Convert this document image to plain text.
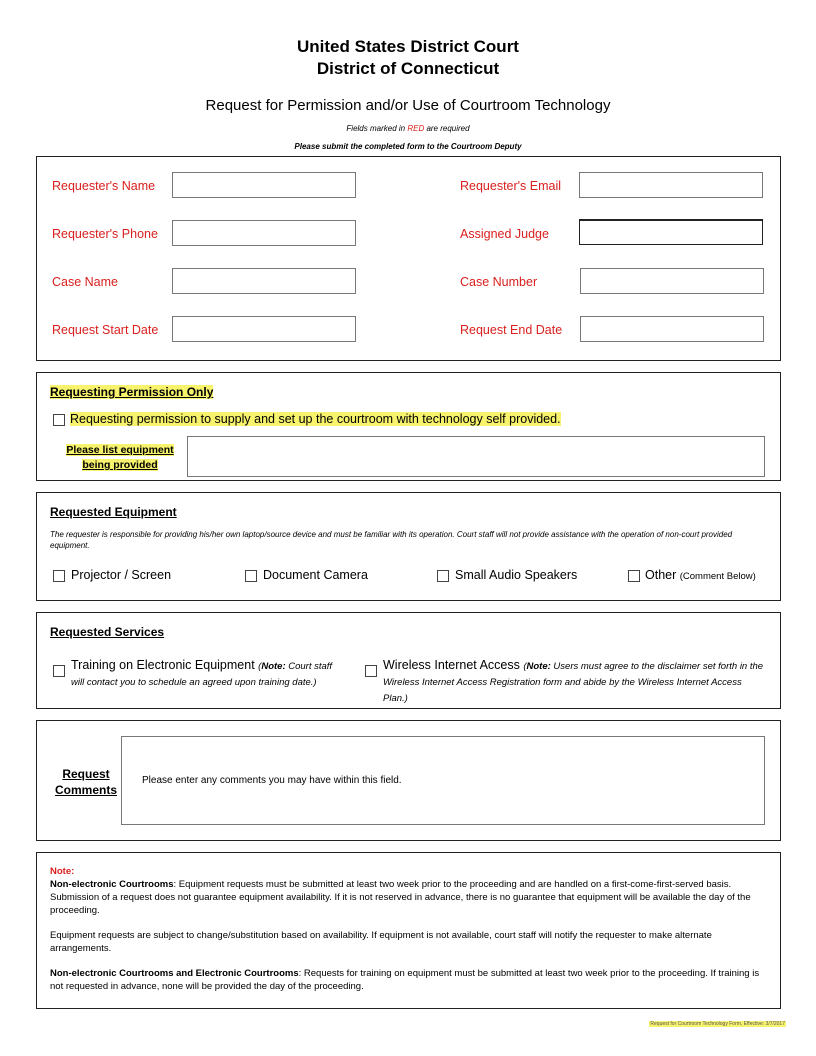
United States District Court
District of Connecticut
Request for Permission and/or Use of Courtroom Technology
Fields marked in RED are required
Please submit the completed form to the Courtroom Deputy
Requester's Name	Requester's Email
Requester's Phone	Assigned Judge
Case Name	Case Number
Request Start Date	Request End Date
Requesting Permission Only
Requesting permission to supply and set up the courtroom with technology self provided.
Please list equipment
being provided
Requested Equipment
The requester is responsible for providing his/her own laptop/source device and must be familiar with its operation. Court staff will not provide assistance with the operation of non-court provided equipment.
Projector / Screen	Document Camera	Small Audio Speakers	Other (Comment Below)
Requested Services
Training on Electronic Equipment (Note: Court staff will contact you to schedule an agreed upon training date.)
Wireless Internet Access (Note: Users must agree to the disclaimer set forth in the Wireless Internet Access Registration form and abide by the Wireless Internet Access Plan.)
Request
Comments
Please enter any comments you may have within this field.
Note:

Non-electronic Courtrooms: Equipment requests must be submitted at least two week prior to the proceeding and are handled on a first-come-first-served basis. Submission of a request does not guarantee equipment availability. If it is not reserved in advance, there is no guarantee that equipment will be available the day of the proceeding.

Equipment requests are subject to change/substitution based on availability. If equipment is not available, court staff will notify the requester to make alternate arrangements.

Non-electronic Courtrooms and Electronic Courtrooms: Requests for training on equipment must be submitted at least two week prior to the proceeding. If training is not requested in advance, none will be provided the day of the proceeding.

Request for Courtroom Technology Form, Effective: 3/7/2017
